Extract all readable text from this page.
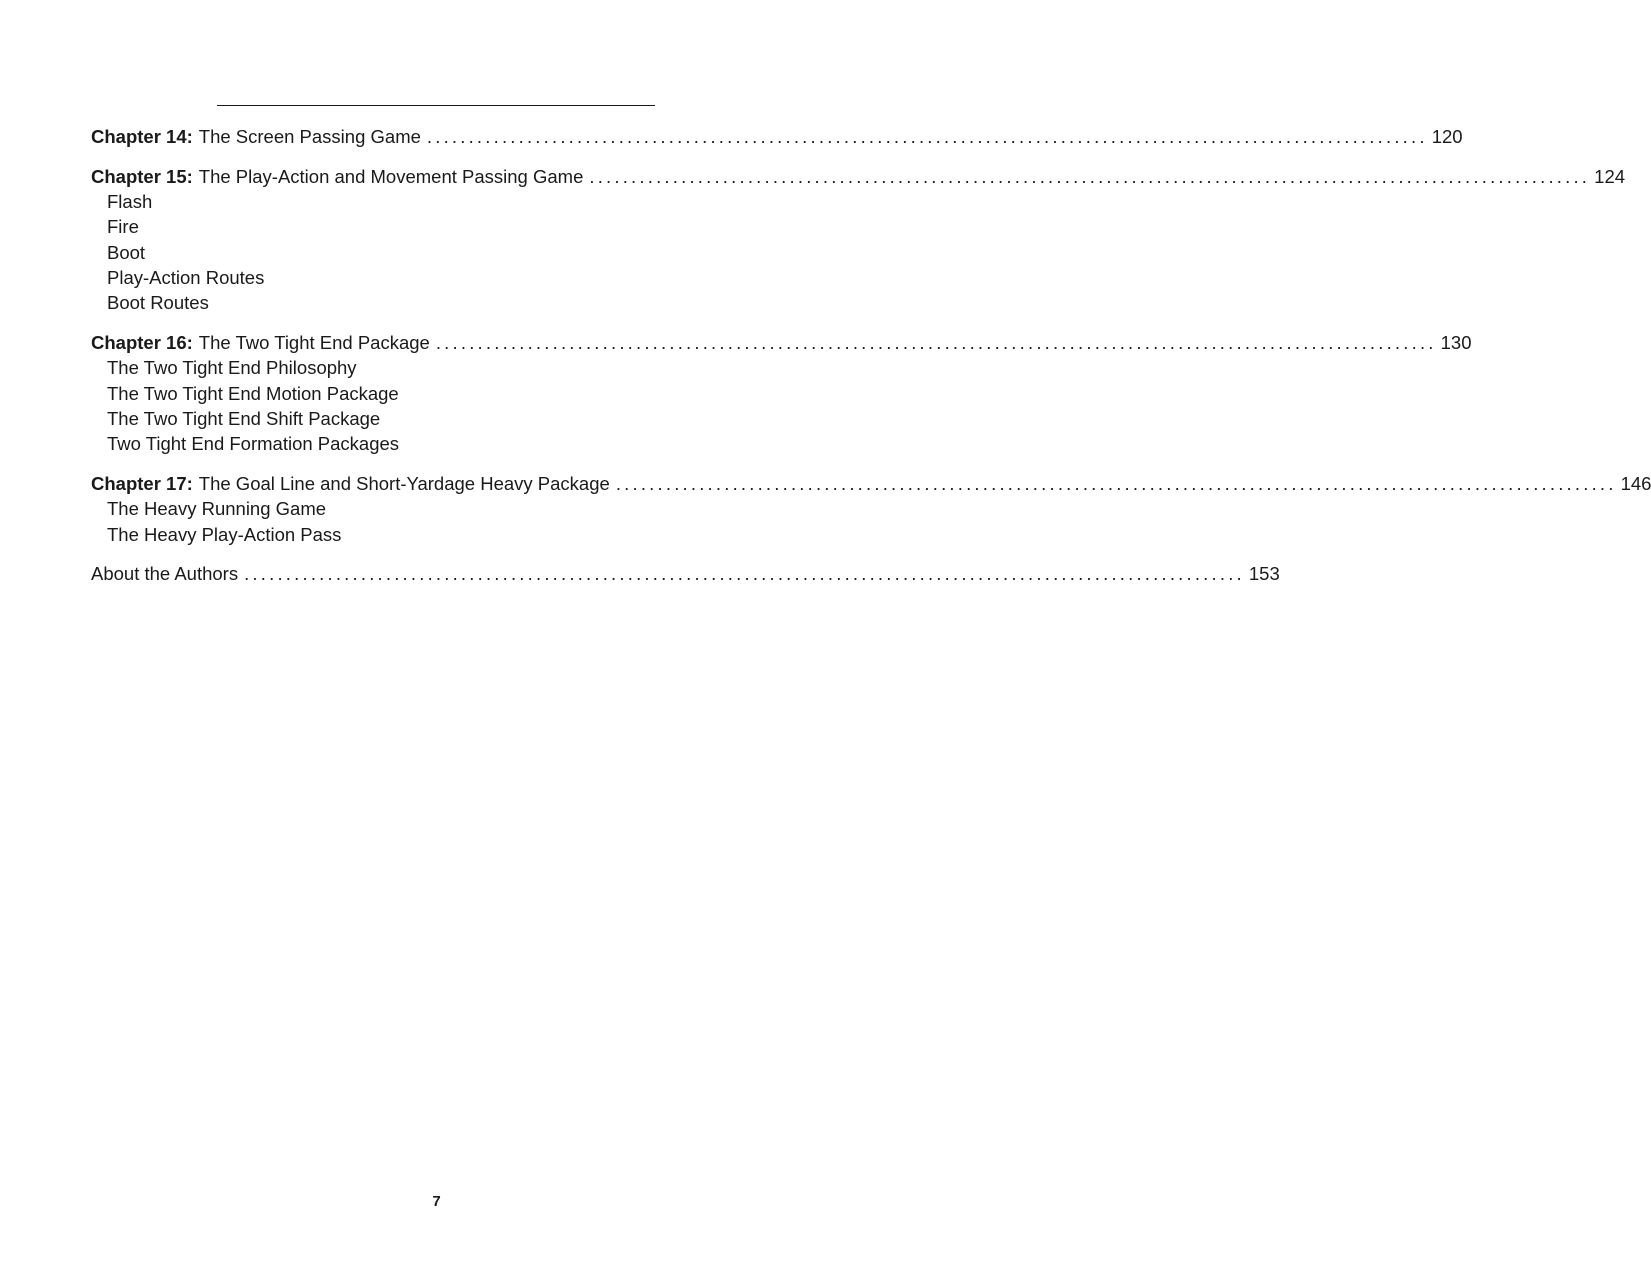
Chapter 14: The Screen Passing Game ........................................................................................................................ 120
Chapter 15: The Play-Action and Movement Passing Game ........................................................................................................................ 124
Flash
Fire
Boot
Play-Action Routes
Boot Routes
Chapter 16: The Two Tight End Package ........................................................................................................................ 130
The Two Tight End Philosophy
The Two Tight End Motion Package
The Two Tight End Shift Package
Two Tight End Formation Packages
Chapter 17: The Goal Line and Short-Yardage Heavy Package ........................................................................................................................ 146
The Heavy Running Game
The Heavy Play-Action Pass
About the Authors ........................................................................................................................ 153
7
